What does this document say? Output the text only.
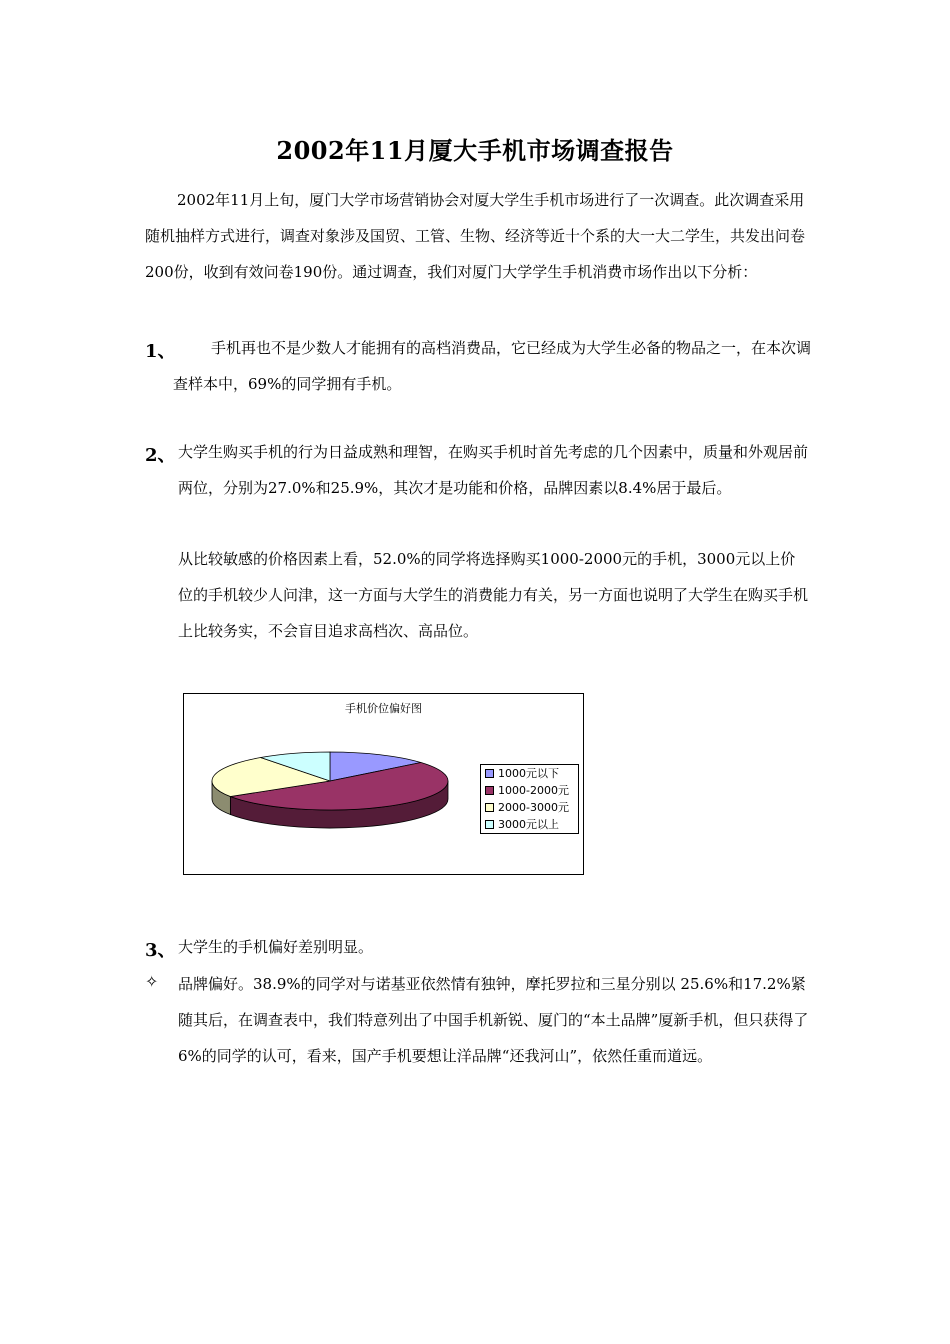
2002年11月厦大手机市场调查报告
2002年11月上旬，厦门大学市场营销协会对厦大学生手机市场进行了一次调查。此次调查采用随机抽样方式进行，调查对象涉及国贸、工管、生物、经济等近十个系的大一大二学生，共发出问卷200份，收到有效问卷190份。通过调查，我们对厦门大学学生手机消费市场作出以下分析：
1、	手机再也不是少数人才能拥有的高档消费品，它已经成为大学生必备的物品之一，在本次调查样本中，69%的同学拥有手机。
2、 大学生购买手机的行为日益成熟和理智，在购买手机时首先考虑的几个因素中，质量和外观居前两位，分别为27.0%和25.9%，其次才是功能和价格，品牌因素以8.4%居于最后。
从比较敏感的价格因素上看，52.0%的同学将选择购买1000-2000元的手机，3000元以上价位的手机较少人问津，这一方面与大学生的消费能力有关，另一方面也说明了大学生在购买手机上比较务实，不会盲目追求高档次、高品位。
手机价位偏好图
1000元以下
1000-2000元
2000-3000元
3000元以上
3、 大学生的手机偏好差别明显。
✧ 品牌偏好。38.9%的同学对与诺基亚依然情有独钟，摩托罗拉和三星分别以 25.6%和17.2%紧随其后，在调查表中，我们特意列出了中国手机新锐、厦门的“本土品牌”厦新手机，但只获得了6%的同学的认可，看来，国产手机要想让洋品牌“还我河山”，依然任重而道远。
